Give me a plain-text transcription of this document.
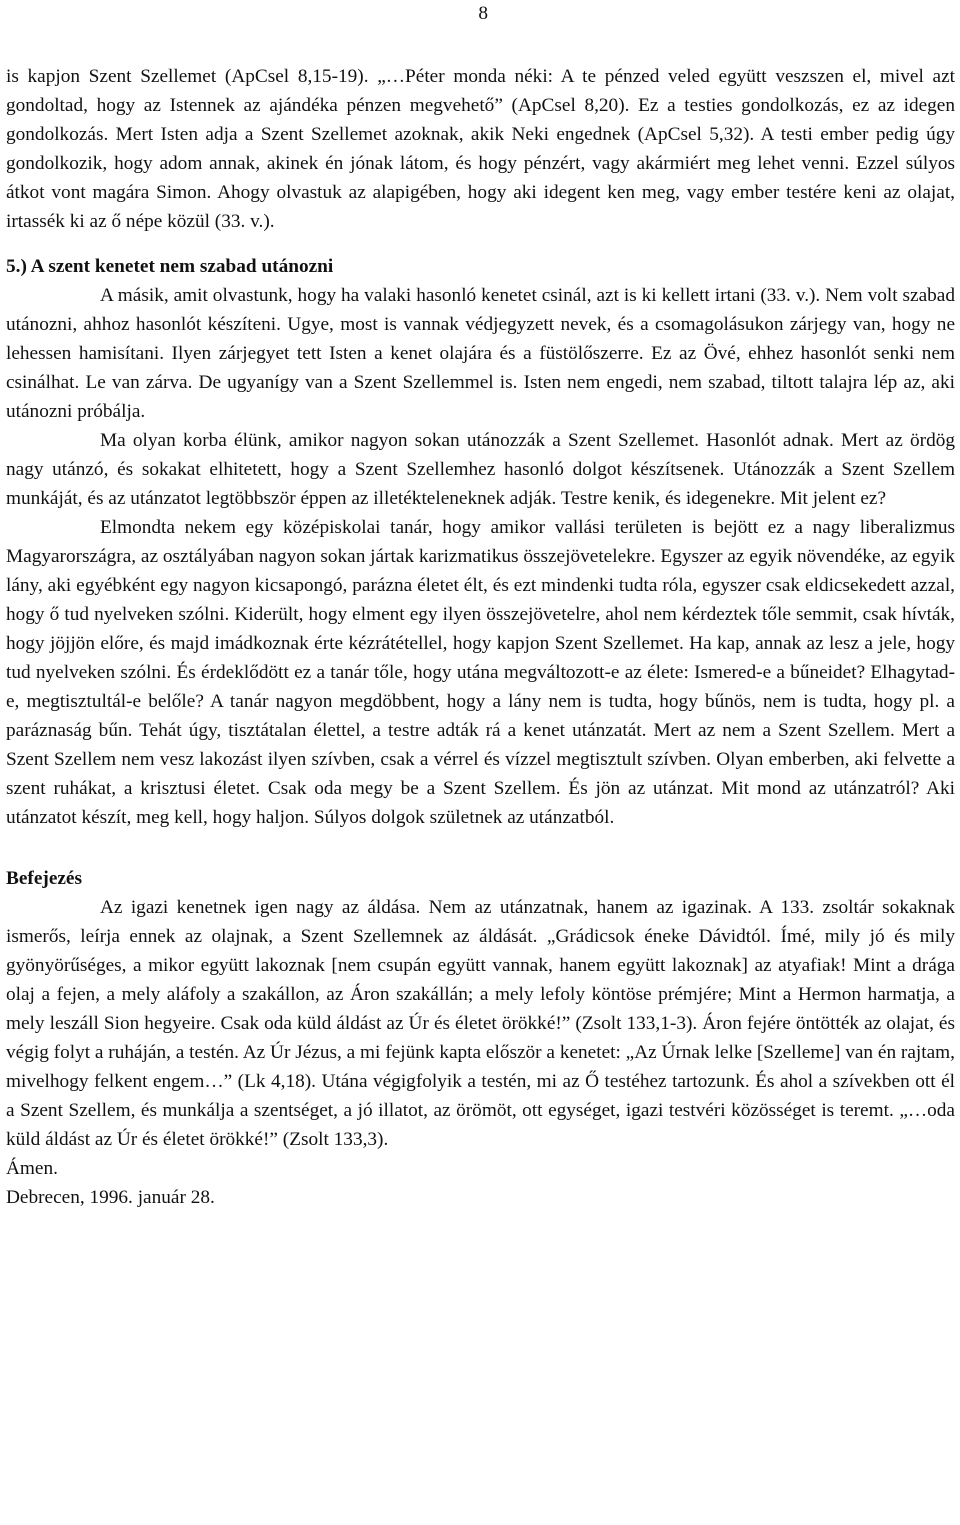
8

is kapjon Szent Szellemet (ApCsel 8,15-19). „…Péter monda néki: A te pénzed veled együtt veszszen el, mivel azt gondoltad, hogy az Istennek az ajándéka pénzen megvehető” (ApCsel 8,20). Ez a testies gondolkozás, ez az idegen gondolkozás. Mert Isten adja a Szent Szellemet azoknak, akik Neki engednek (ApCsel 5,32). A testi ember pedig úgy gondolkozik, hogy adom annak, akinek én jónak látom, és hogy pénzért, vagy akármiért meg lehet venni. Ezzel súlyos átkot vont magára Simon. Ahogy olvastuk az alapigében, hogy aki idegent ken meg, vagy ember testére keni az olajat, irtassék ki az ő népe közül (33. v.).

5.) A szent kenetet nem szabad utánozni

A másik, amit olvastunk, hogy ha valaki hasonló kenetet csinál, azt is ki kellett irtani (33. v.). Nem volt szabad utánozni, ahhoz hasonlót készíteni. Ugye, most is vannak védjegyzett nevek, és a csomagolásukon zárjegy van, hogy ne lehessen hamisítani. Ilyen zárjegyet tett Isten a kenet olajára és a füstölőszerre. Ez az Övé, ehhez hasonlót senki nem csinálhat. Le van zárva. De ugyanígy van a Szent Szellemmel is. Isten nem engedi, nem szabad, tiltott talajra lép az, aki utánozni próbálja.

Ma olyan korba élünk, amikor nagyon sokan utánozzák a Szent Szellemet. Hasonlót adnak. Mert az ördög nagy utánzó, és sokakat elhitetett, hogy a Szent Szellemhez hasonló dolgot készítsenek. Utánozzák a Szent Szellem munkáját, és az utánzatot legtöbbször éppen az illetékteleneknek adják. Testre kenik, és idegenekre. Mit jelent ez?

Elmondta nekem egy középiskolai tanár, hogy amikor vallási területen is bejött ez a nagy liberalizmus Magyarországra, az osztályában nagyon sokan jártak karizmatikus összejövetelekre. Egyszer az egyik növendéke, az egyik lány, aki egyébként egy nagyon kicsapongó, parázna életet élt, és ezt mindenki tudta róla, egyszer csak eldicsekedett azzal, hogy ő tud nyelveken szólni. Kiderült, hogy elment egy ilyen összejövetelre, ahol nem kérdeztek tőle semmit, csak hívták, hogy jöjjön előre, és majd imádkoznak érte kézrátétellel, hogy kapjon Szent Szellemet. Ha kap, annak az lesz a jele, hogy tud nyelveken szólni. És érdeklődött ez a tanár tőle, hogy utána megváltozott-e az élete: Ismered-e a bűneidet? Elhagytad-e, megtisztultál-e belőle? A tanár nagyon megdöbbent, hogy a lány nem is tudta, hogy bűnös, nem is tudta, hogy pl. a paráznaság bűn. Tehát úgy, tisztátalan élettel, a testre adták rá a kenet utánzatát. Mert az nem a Szent Szellem. Mert a Szent Szellem nem vesz lakozást ilyen szívben, csak a vérrel és vízzel megtisztult szívben. Olyan emberben, aki felvette a szent ruhákat, a krisztusi életet. Csak oda megy be a Szent Szellem. És jön az utánzat. Mit mond az utánzatról? Aki utánzatot készít, meg kell, hogy haljon. Súlyos dolgok születnek az utánzatból.

Befejezés

Az igazi kenetnek igen nagy az áldása. Nem az utánzatnak, hanem az igazinak. A 133. zsoltár sokaknak ismerős, leírja ennek az olajnak, a Szent Szellemnek az áldását. „Grádicsok éneke Dávidtól. Ímé, mily jó és mily gyönyörűséges, a mikor együtt lakoznak [nem csupán együtt vannak, hanem együtt lakoznak] az atyafiak! Mint a drága olaj a fejen, a mely aláfoly a szakállon, az Áron szakállán; a mely lefoly köntöse prémjére; Mint a Hermon harmatja, a mely leszáll Sion hegyeire. Csak oda küld áldást az Úr és életet örökké!” (Zsolt 133,1-3). Áron fejére öntötték az olajat, és végig folyt a ruháján, a testén. Az Úr Jézus, a mi fejünk kapta először a kenetet: „Az Úrnak lelke [Szelleme] van én rajtam, mivelhogy felkent engem…” (Lk 4,18). Utána végigfolyik a testén, mi az Ő testéhez tartozunk. És ahol a szívekben ott él a Szent Szellem, és munkálja a szentséget, a jó illatot, az örömöt, ott egységet, igazi testvéri közösséget is teremt. „…oda küld áldást az Úr és életet örökké!” (Zsolt 133,3).

Ámen.

Debrecen, 1996. január 28.
